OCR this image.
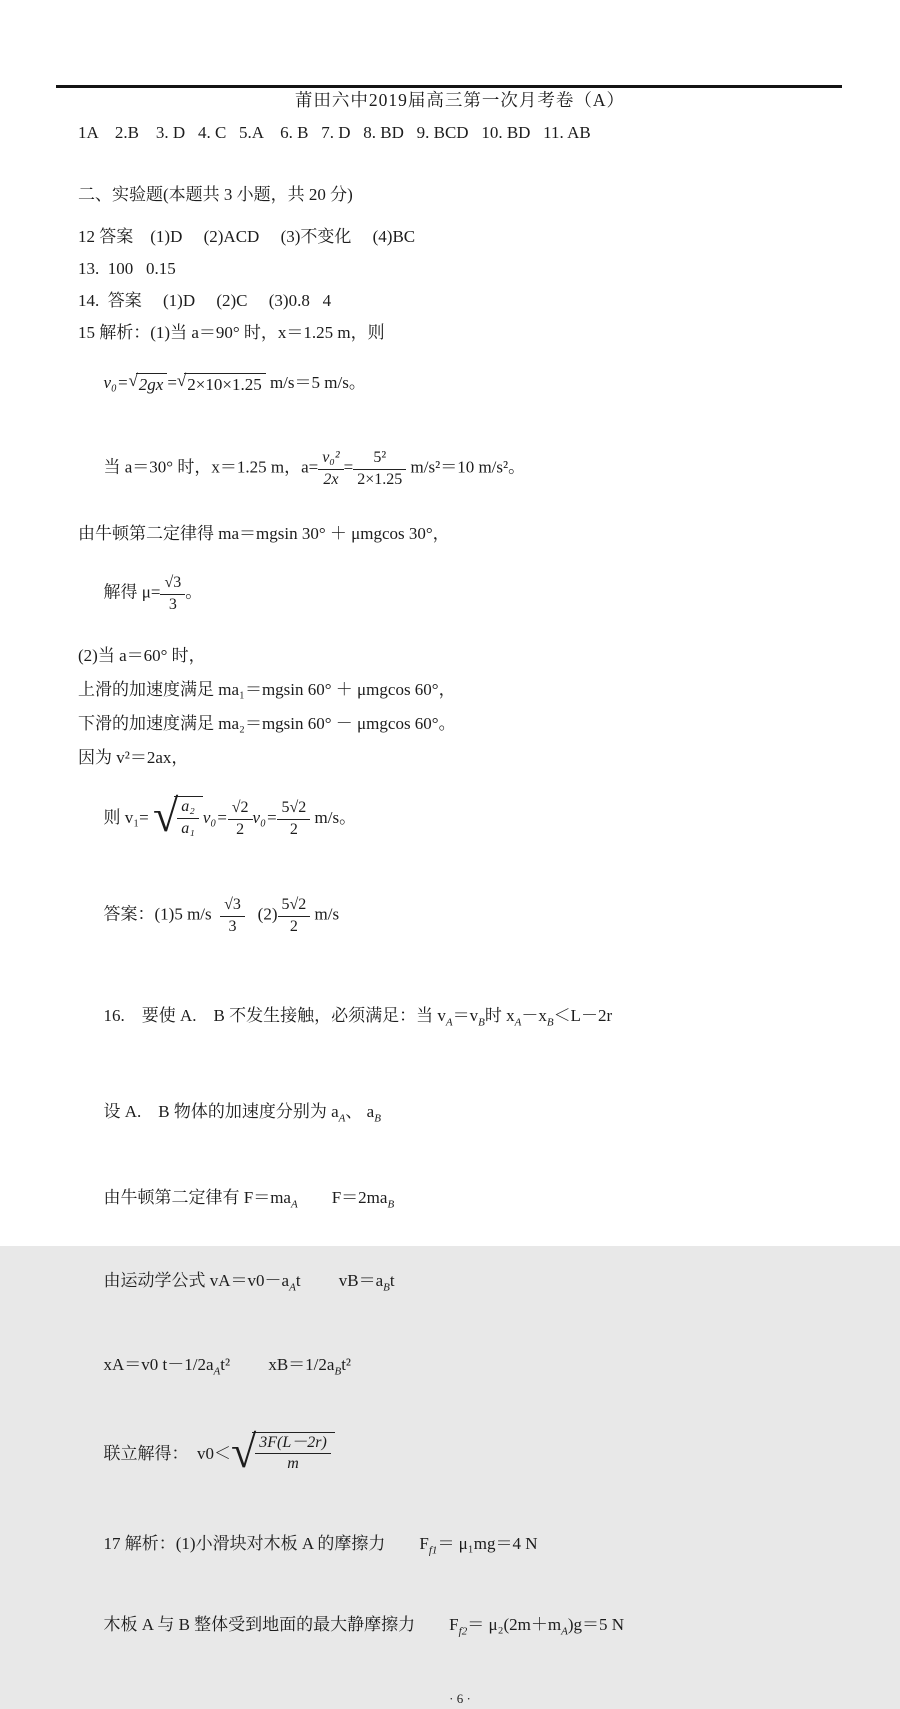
莆田六中2019届高三第一次月考卷（A）

1A    2.B    3. D   4. C   5.A    6. B   7. D   8. BD   9. BCD   10. BD   11. AB

二、实验题(本题共 3 小题，共 20 分)

12 答案　(1)D　 (2)ACD　 (3)不变化　 (4)BC

13.  100   0.15

14.  答案　 (1)D　 (2)C　 (3)0.8   4

15 解析：(1)当 a＝90° 时，x＝1.25 m，则

v₀= √ 2gx = √ 2×10×1.25 m/s＝5 m/s。

当 a＝30° 时，x＝1.25 m，$a= \frac{\text{v₀²}}{2x} = \frac{\text{5²}}{2\times 1.25} m/s^2=10$ m/s²。

由牛顿第二定律得 ma＝mgsin 30° ＋ μmgcos 30°，

解得 $\mu= \frac{√3}{3}$ 。

(2)当 a＝60° 时，

上滑的加速度满足 ma₁＝mgsin 60° ＋ μmgcos 60°，

下滑的加速度满足 ma₂＝mgsin 60° － μmgcos 60°。

因为 v²＝2ax，

则 v₁= √ $\frac{\text{a₂}}{\text{a₁}} v_0= \frac{√2}{2} v_0= \frac{5√2}{2} m/s$。

答案：(1)5 $m/s \frac{√3}{3} (2) \frac{5√2}{2} m/s$

16.　要使 A.　B 不发生接触，必须满足：当 $v_A=v_B$时 $x_A-x_B<L-2r$

设 A.　B 物体的加速度分别为 $a_A$、 $a_B$

由牛顿第二定律有 $F=ma_A$　　$F=2ma_B$

由运动学公式 $vA=v0-a_At$　　 $vB=a_Bt$

xA＝v0 $t-1/2a_At^2$　　 $xB=1/2a_Bt^2$

联立解得：  v0＜ √ $\frac{3F(L-2r)}{m}$

17 解析：(1)小滑块对木板 A 的摩擦力　　$F_{f1}= \mu_1mg=4$ N

木板 A 与 B 整体受到地面的最大静摩擦力　　$F_{f2}= \mu_2(2m+m_A)g=5$ N

· 6 ·
